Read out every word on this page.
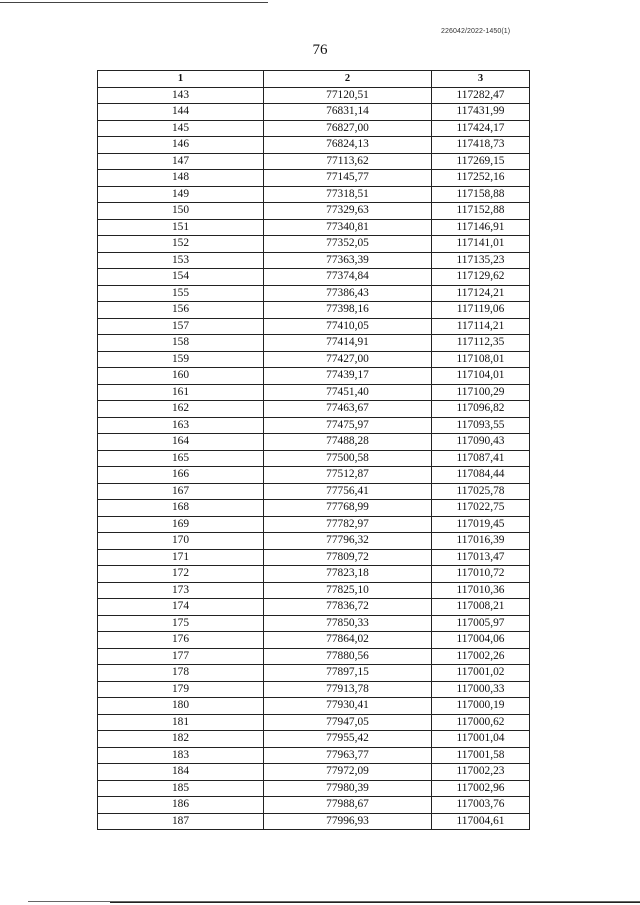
226042/2022-1450(1)
76
1	2	3
143	77120,51	117282,47
144	76831,14	117431,99
145	76827,00	117424,17
146	76824,13	117418,73
147	77113,62	117269,15
148	77145,77	117252,16
149	77318,51	117158,88
150	77329,63	117152,88
151	77340,81	117146,91
152	77352,05	117141,01
153	77363,39	117135,23
154	77374,84	117129,62
155	77386,43	117124,21
156	77398,16	117119,06
157	77410,05	117114,21
158	77414,91	117112,35
159	77427,00	117108,01
160	77439,17	117104,01
161	77451,40	117100,29
162	77463,67	117096,82
163	77475,97	117093,55
164	77488,28	117090,43
165	77500,58	117087,41
166	77512,87	117084,44
167	77756,41	117025,78
168	77768,99	117022,75
169	77782,97	117019,45
170	77796,32	117016,39
171	77809,72	117013,47
172	77823,18	117010,72
173	77825,10	117010,36
174	77836,72	117008,21
175	77850,33	117005,97
176	77864,02	117004,06
177	77880,56	117002,26
178	77897,15	117001,02
179	77913,78	117000,33
180	77930,41	117000,19
181	77947,05	117000,62
182	77955,42	117001,04
183	77963,77	117001,58
184	77972,09	117002,23
185	77980,39	117002,96
186	77988,67	117003,76
187	77996,93	117004,61
